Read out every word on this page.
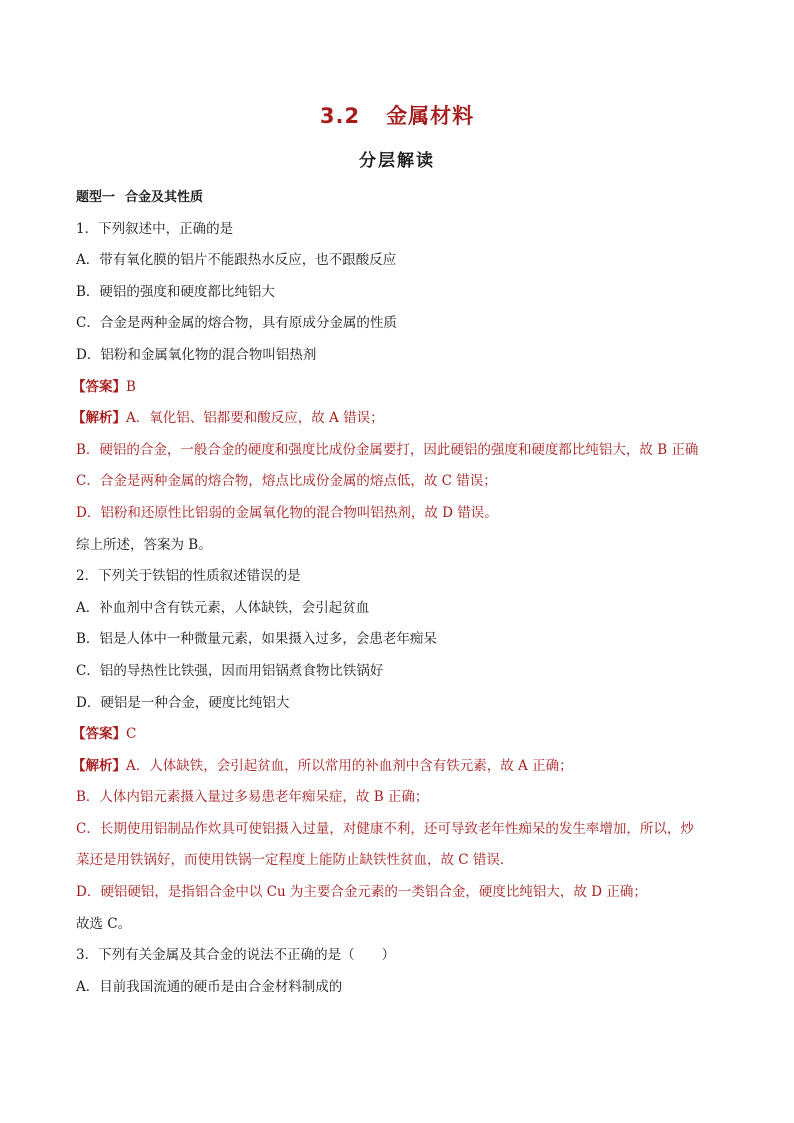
3.2 金属材料
分层解读
题型一 合金及其性质
1．下列叙述中，正确的是
A．带有氧化膜的铝片不能跟热水反应，也不跟酸反应
B．硬铝的强度和硬度都比纯铝大
C．合金是两种金属的熔合物，具有原成分金属的性质
D．铝粉和金属氧化物的混合物叫铝热剂
【答案】B
【解析】A．氧化铝、铝都要和酸反应，故 A 错误；
B．硬铝的合金，一般合金的硬度和强度比成份金属要打，因此硬铝的强度和硬度都比纯铝大，故 B 正确
C．合金是两种金属的熔合物，熔点比成份金属的熔点低，故 C 错误；
D．铝粉和还原性比铝弱的金属氧化物的混合物叫铝热剂，故 D 错误。
综上所述，答案为 B。
2．下列关于铁铝的性质叙述错误的是
A．补血剂中含有铁元素，人体缺铁，会引起贫血
B．铝是人体中一种微量元素，如果摄入过多，会患老年痴呆
C．铝的导热性比铁强，因而用铝锅煮食物比铁锅好
D．硬铝是一种合金，硬度比纯铝大
【答案】C
【解析】A．人体缺铁，会引起贫血，所以常用的补血剂中含有铁元素，故 A 正确；
B．人体内铝元素摄入量过多易患老年痴呆症，故 B 正确；
C．长期使用铝制品作炊具可使铝摄入过量，对健康不利，还可导致老年性痴呆的发生率增加，所以，炒
菜还是用铁锅好，而使用铁锅一定程度上能防止缺铁性贫血，故 C 错误．
D．硬铝硬铝，是指铝合金中以 Cu 为主要合金元素的一类铝合金，硬度比纯铝大，故 D 正确；
故选 C。
3．下列有关金属及其合金的说法不正确的是（　　）
A．目前我国流通的硬币是由合金材料制成的
